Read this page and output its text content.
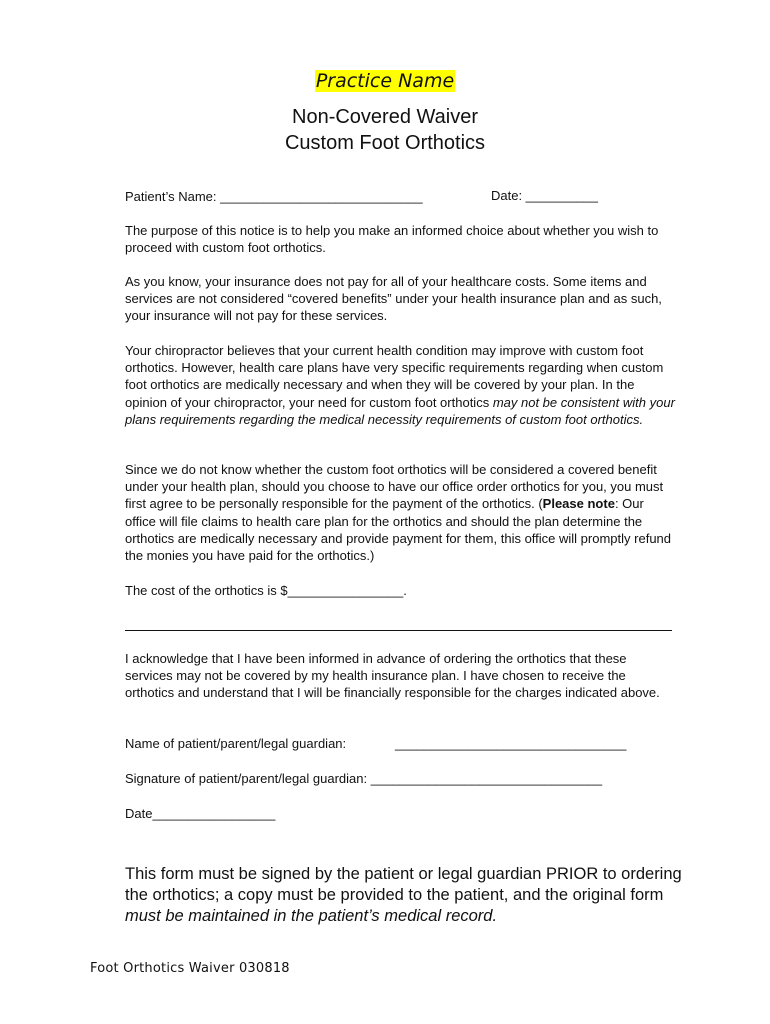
Practice Name
Non-Covered Waiver
Custom Foot Orthotics
Patient’s Name: ____________________________	Date: __________
The purpose of this notice is to help you make an informed choice about whether you wish to proceed with custom foot orthotics.
As you know, your insurance does not pay for all of your healthcare costs. Some items and services are not considered “covered benefits” under your health insurance plan and as such, your insurance will not pay for these services.
Your chiropractor believes that your current health condition may improve with custom foot orthotics. However, health care plans have very specific requirements regarding when custom foot orthotics are medically necessary and when they will be covered by your plan. In the opinion of your chiropractor, your need for custom foot orthotics may not be consistent with your plans requirements regarding the medical necessity requirements of custom foot orthotics.
Since we do not know whether the custom foot orthotics will be considered a covered benefit under your health plan, should you choose to have our office order orthotics for you, you must first agree to be personally responsible for the payment of the orthotics. (Please note: Our office will file claims to health care plan for the orthotics and should the plan determine the orthotics are medically necessary and provide payment for them, this office will promptly refund the monies you have paid for the orthotics.)
The cost of the orthotics is $________________.
I acknowledge that I have been informed in advance of ordering the orthotics that these services may not be covered by my health insurance plan. I have chosen to receive the orthotics and understand that I will be financially responsible for the charges indicated above.
Name of patient/parent/legal guardian:	________________________________
Signature of patient/parent/legal guardian: ________________________________
Date_________________
This form must be signed by the patient or legal guardian PRIOR to ordering the orthotics; a copy must be provided to the patient, and the original form must be maintained in the patient’s medical record.
Foot Orthotics Waiver 030818
